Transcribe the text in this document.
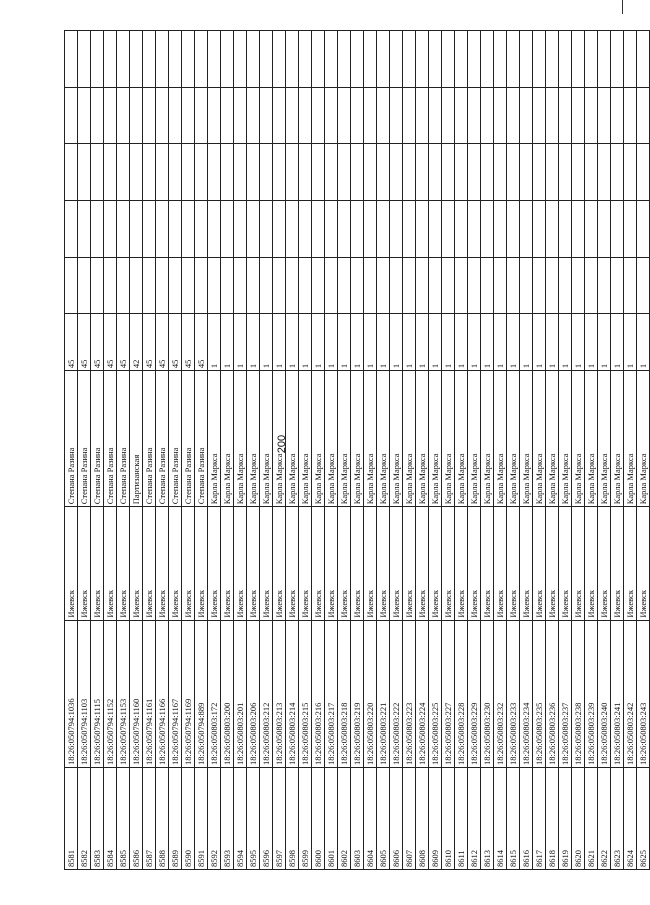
200
8581	18:26:050794:1036	Ижевск	Степана Разина	45					
8582	18:26:050794:1103	Ижевск	Степана Разина	45					
8583	18:26:050794:1115	Ижевск	Степана Разина	45					
8584	18:26:050794:1152	Ижевск	Степана Разина	45					
8585	18:26:050794:1153	Ижевск	Степана Разина	45					
8586	18:26:050794:1160	Ижевск	Партизанская	42					
8587	18:26:050794:1161	Ижевск	Степана Разина	45					
8588	18:26:050794:1166	Ижевск	Степана Разина	45					
8589	18:26:050794:1167	Ижевск	Степана Разина	45					
8590	18:26:050794:1169	Ижевск	Степана Разина	45					
8591	18:26:050794:889	Ижевск	Степана Разина	45					
8592	18:26:050803:172	Ижевск	Карла Маркса	1					
8593	18:26:050803:200	Ижевск	Карла Маркса	1					
8594	18:26:050803:201	Ижевск	Карла Маркса	1					
8595	18:26:050803:206	Ижевск	Карла Маркса	1					
8596	18:26:050803:212	Ижевск	Карла Маркса	1					
8597	18:26:050803:213	Ижевск	Карла Маркса	1					
8598	18:26:050803:214	Ижевск	Карла Маркса	1					
8599	18:26:050803:215	Ижевск	Карла Маркса	1					
8600	18:26:050803:216	Ижевск	Карла Маркса	1					
8601	18:26:050803:217	Ижевск	Карла Маркса	1					
8602	18:26:050803:218	Ижевск	Карла Маркса	1					
8603	18:26:050803:219	Ижевск	Карла Маркса	1					
8604	18:26:050803:220	Ижевск	Карла Маркса	1					
8605	18:26:050803:221	Ижевск	Карла Маркса	1					
8606	18:26:050803:222	Ижевск	Карла Маркса	1					
8607	18:26:050803:223	Ижевск	Карла Маркса	1					
8608	18:26:050803:224	Ижевск	Карла Маркса	1					
8609	18:26:050803:225	Ижевск	Карла Маркса	1					
8610	18:26:050803:227	Ижевск	Карла Маркса	1					
8611	18:26:050803:228	Ижевск	Карла Маркса	1					
8612	18:26:050803:229	Ижевск	Карла Маркса	1					
8613	18:26:050803:230	Ижевск	Карла Маркса	1					
8614	18:26:050803:232	Ижевск	Карла Маркса	1					
8615	18:26:050803:233	Ижевск	Карла Маркса	1					
8616	18:26:050803:234	Ижевск	Карла Маркса	1					
8617	18:26:050803:235	Ижевск	Карла Маркса	1					
8618	18:26:050803:236	Ижевск	Карла Маркса	1					
8619	18:26:050803:237	Ижевск	Карла Маркса	1					
8620	18:26:050803:238	Ижевск	Карла Маркса	1					
8621	18:26:050803:239	Ижевск	Карла Маркса	1					
8622	18:26:050803:240	Ижевск	Карла Маркса	1					
8623	18:26:050803:241	Ижевск	Карла Маркса	1					
8624	18:26:050803:242	Ижевск	Карла Маркса	1					
8625	18:26:050803:243	Ижевск	Карла Маркса	1					
